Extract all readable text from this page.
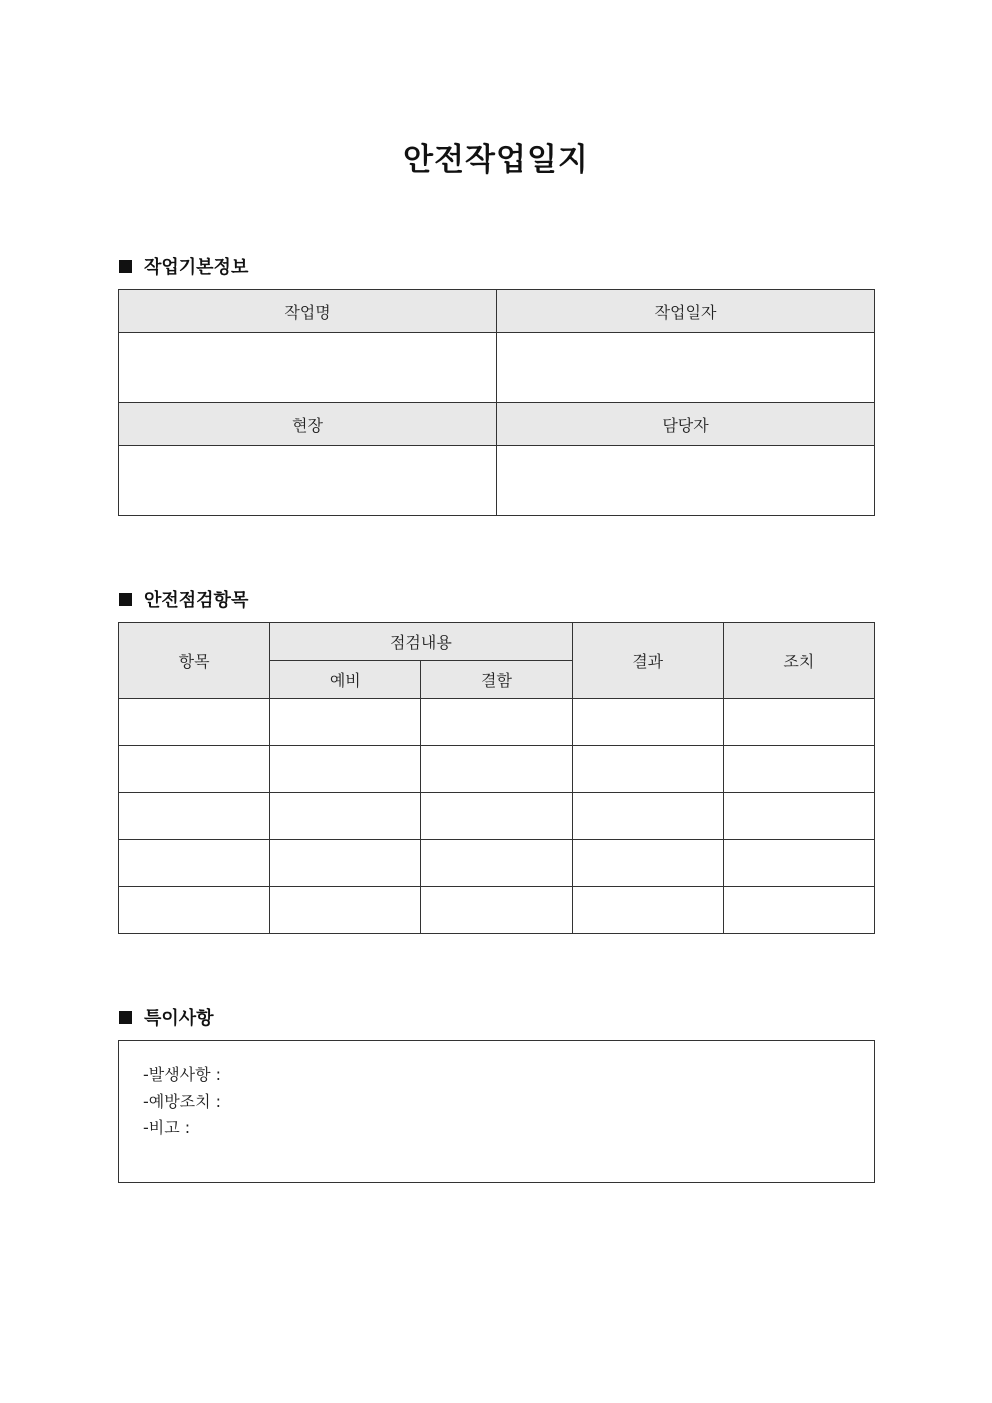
안전작업일지
작업기본정보
작업명	작업일자

현장	담당자

안전점검항목
항목	점검내용		결과	조치
	예비	결함		

특이사항
-발생사항 :
-예방조치 :
-비고 :
